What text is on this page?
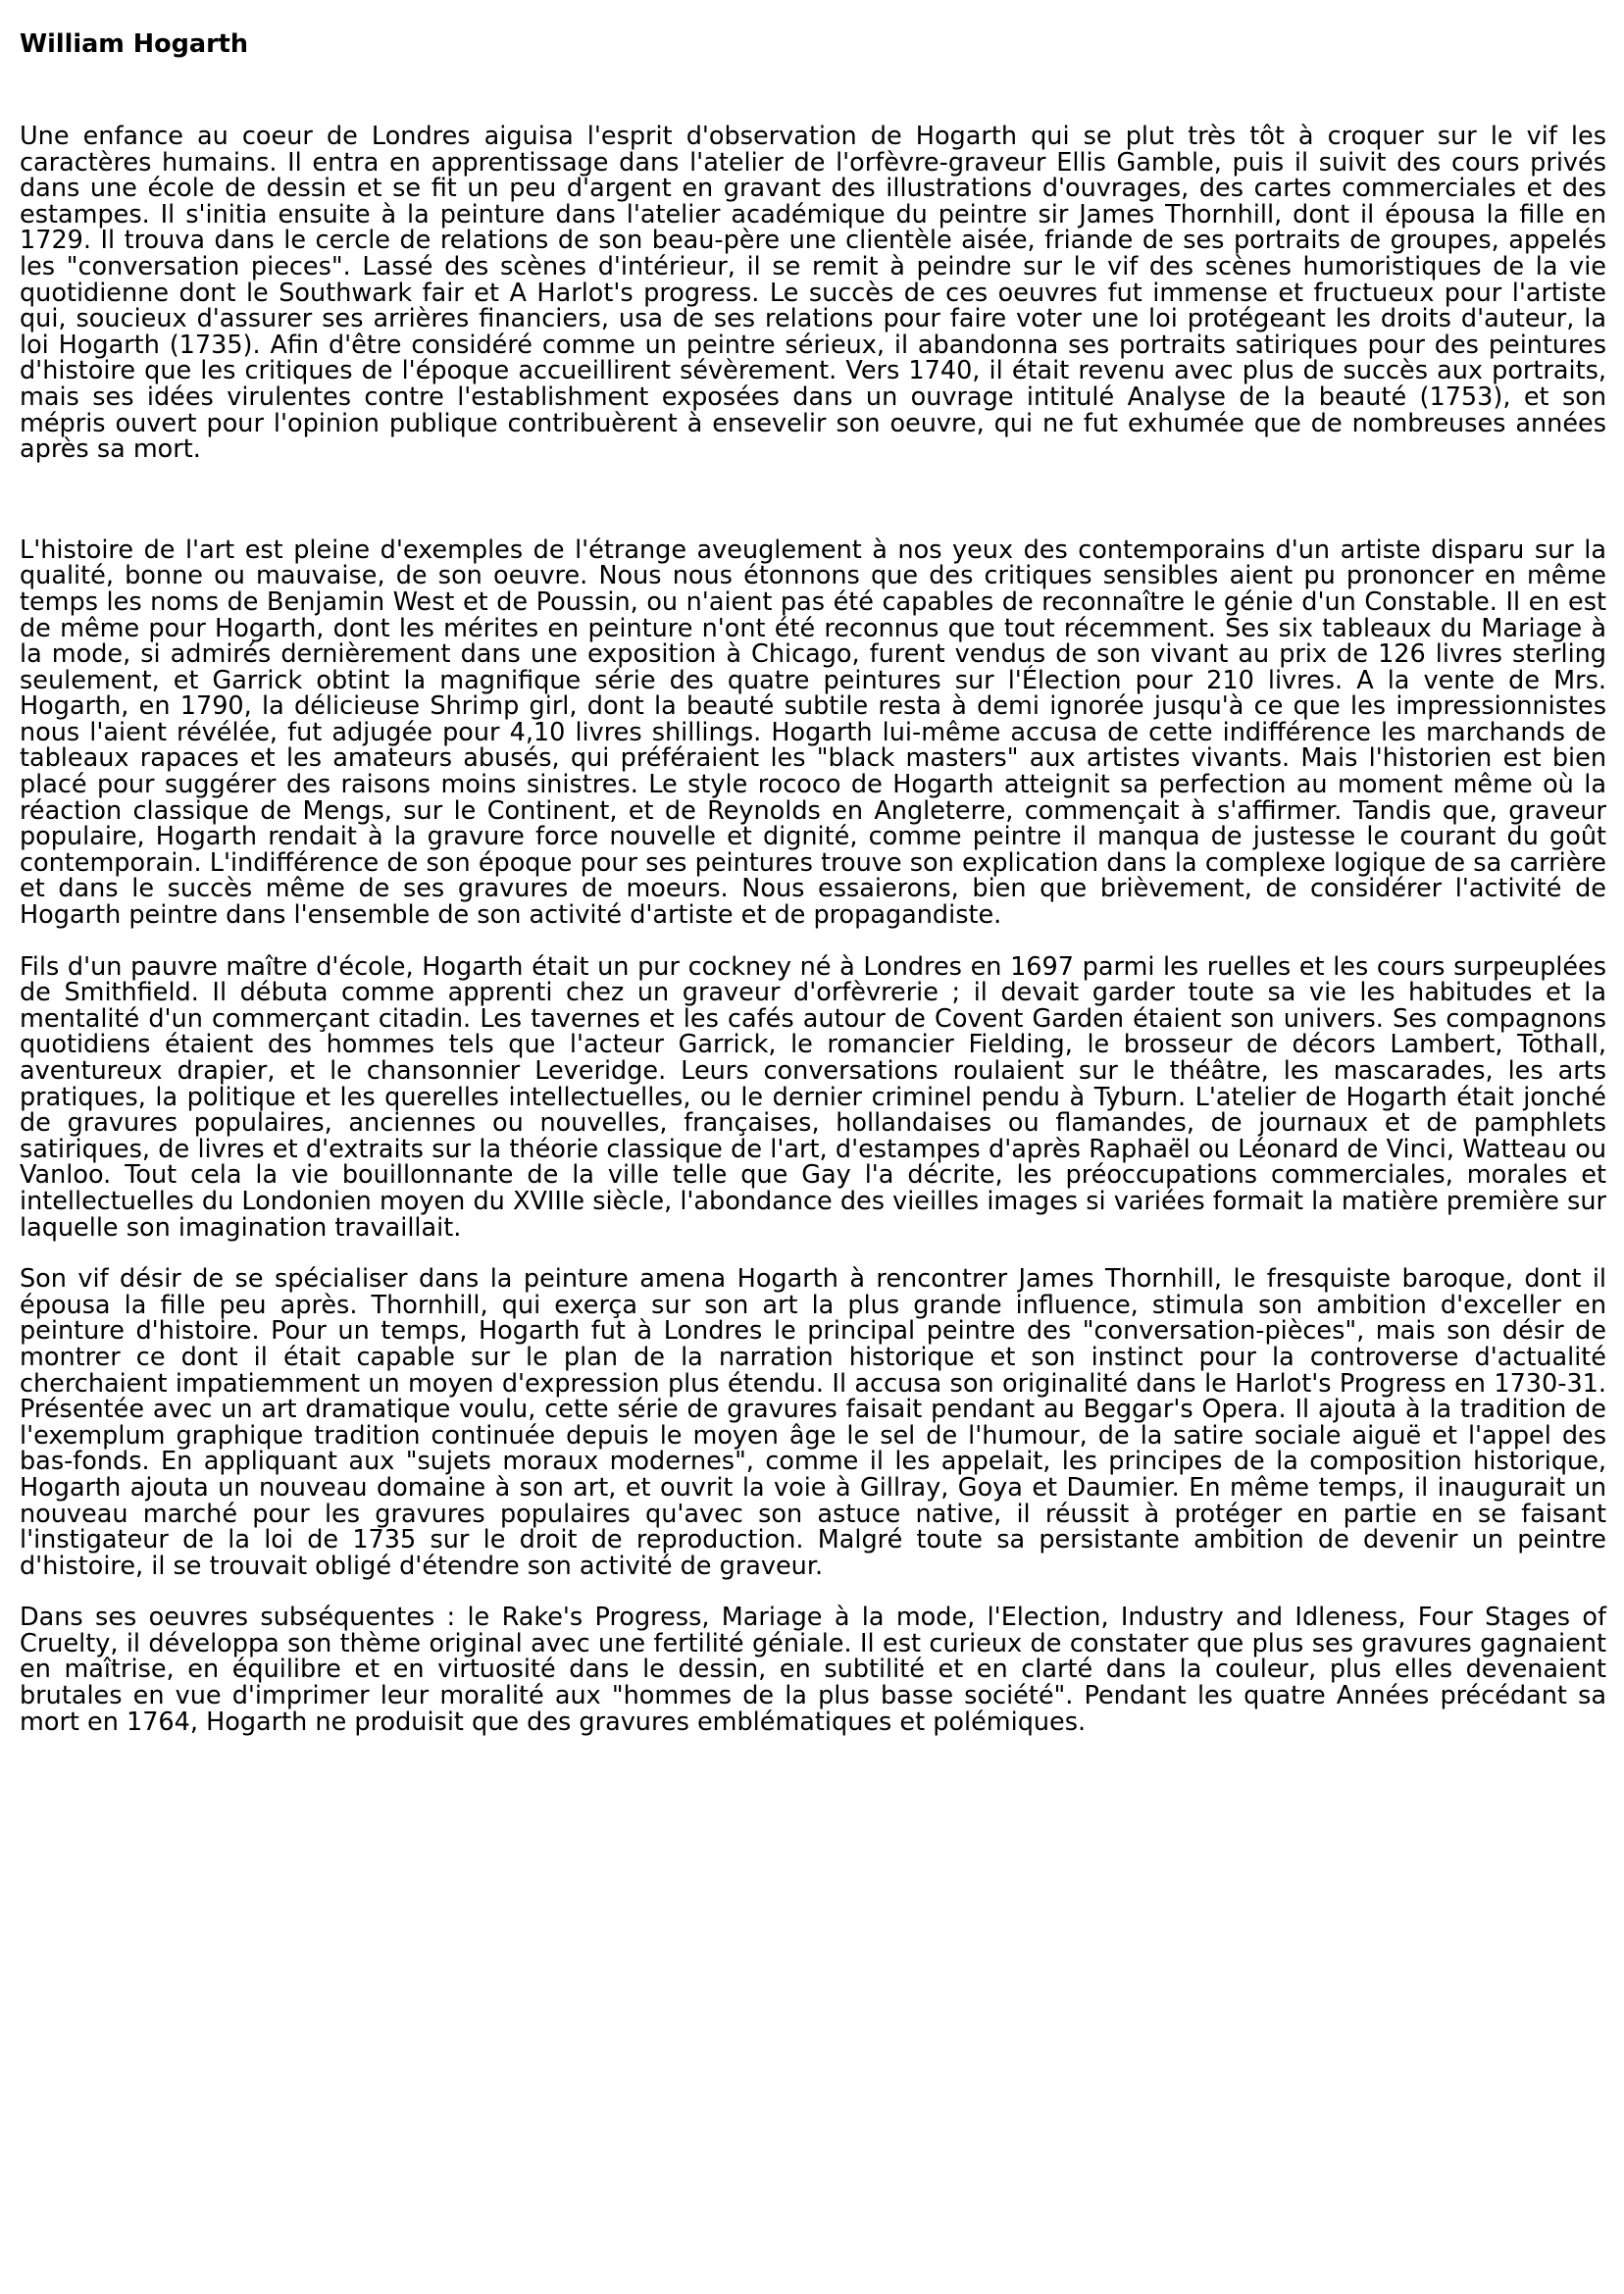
William Hogarth

Une enfance au coeur de Londres aiguisa l'esprit d'observation de Hogarth qui se plut très tôt à croquer sur le vif les caractères humains. Il entra en apprentissage dans l'atelier de l'orfèvre-graveur Ellis Gamble, puis il suivit des cours privés dans une école de dessin et se fit un peu d'argent en gravant des illustrations d'ouvrages, des cartes commerciales et des estampes. Il s'initia ensuite à la peinture dans l'atelier académique du peintre sir James Thornhill, dont il épousa la fille en 1729. Il trouva dans le cercle de relations de son beau-père une clientèle aisée, friande de ses portraits de groupes, appelés les "conversation pieces". Lassé des scènes d'intérieur, il se remit à peindre sur le vif des scènes humoristiques de la vie quotidienne dont le Southwark fair et A Harlot's progress. Le succès de ces oeuvres fut immense et fructueux pour l'artiste qui, soucieux d'assurer ses arrières financiers, usa de ses relations pour faire voter une loi protégeant les droits d'auteur, la loi Hogarth (1735). Afin d'être considéré comme un peintre sérieux, il abandonna ses portraits satiriques pour des peintures d'histoire que les critiques de l'époque accueillirent sévèrement. Vers 1740, il était revenu avec plus de succès aux portraits, mais ses idées virulentes contre l'establishment exposées dans un ouvrage intitulé Analyse de la beauté (1753), et son mépris ouvert pour l'opinion publique contribuèrent à ensevelir son oeuvre, qui ne fut exhumée que de nombreuses années après sa mort.

L'histoire de l'art est pleine d'exemples de l'étrange aveuglement à nos yeux des contemporains d'un artiste disparu sur la qualité, bonne ou mauvaise, de son oeuvre. Nous nous étonnons que des critiques sensibles aient pu prononcer en même temps les noms de Benjamin West et de Poussin, ou n'aient pas été capables de reconnaître le génie d'un Constable. Il en est de même pour Hogarth, dont les mérites en peinture n'ont été reconnus que tout récemment. Ses six tableaux du Mariage à la mode, si admirés dernièrement dans une exposition à Chicago, furent vendus de son vivant au prix de 126 livres sterling seulement, et Garrick obtint la magnifique série des quatre peintures sur l'Élection pour 210 livres. A la vente de Mrs. Hogarth, en 1790, la délicieuse Shrimp girl, dont la beauté subtile resta à demi ignorée jusqu'à ce que les impressionnistes nous l'aient révélée, fut adjugée pour 4,10 livres shillings. Hogarth lui-même accusa de cette indifférence les marchands de tableaux rapaces et les amateurs abusés, qui préféraient les "black masters" aux artistes vivants. Mais l'historien est bien placé pour suggérer des raisons moins sinistres. Le style rococo de Hogarth atteignit sa perfection au moment même où la réaction classique de Mengs, sur le Continent, et de Reynolds en Angleterre, commençait à s'affirmer. Tandis que, graveur populaire, Hogarth rendait à la gravure force nouvelle et dignité, comme peintre il manqua de justesse le courant du goût contemporain. L'indifférence de son époque pour ses peintures trouve son explication dans la complexe logique de sa carrière et dans le succès même de ses gravures de moeurs. Nous essaierons, bien que brièvement, de considérer l'activité de Hogarth peintre dans l'ensemble de son activité d'artiste et de propagandiste.

Fils d'un pauvre maître d'école, Hogarth était un pur cockney né à Londres en 1697 parmi les ruelles et les cours surpeuplées de Smithfield. Il débuta comme apprenti chez un graveur d'orfèvrerie ; il devait garder toute sa vie les habitudes et la mentalité d'un commerçant citadin. Les tavernes et les cafés autour de Covent Garden étaient son univers. Ses compagnons quotidiens étaient des hommes tels que l'acteur Garrick, le romancier Fielding, le brosseur de décors Lambert, Tothall, aventureux drapier, et le chansonnier Leveridge. Leurs conversations roulaient sur le théâtre, les mascarades, les arts pratiques, la politique et les querelles intellectuelles, ou le dernier criminel pendu à Tyburn. L'atelier de Hogarth était jonché de gravures populaires, anciennes ou nouvelles, françaises, hollandaises ou flamandes, de journaux et de pamphlets satiriques, de livres et d'extraits sur la théorie classique de l'art, d'estampes d'après Raphaël ou Léonard de Vinci, Watteau ou Vanloo. Tout cela la vie bouillonnante de la ville telle que Gay l'a décrite, les préoccupations commerciales, morales et intellectuelles du Londonien moyen du XVIIIe siècle, l'abondance des vieilles images si variées formait la matière première sur laquelle son imagination travaillait.

Son vif désir de se spécialiser dans la peinture amena Hogarth à rencontrer James Thornhill, le fresquiste baroque, dont il épousa la fille peu après. Thornhill, qui exerça sur son art la plus grande influence, stimula son ambition d'exceller en peinture d'histoire. Pour un temps, Hogarth fut à Londres le principal peintre des "conversation-pièces", mais son désir de montrer ce dont il était capable sur le plan de la narration historique et son instinct pour la controverse d'actualité cherchaient impatiemment un moyen d'expression plus étendu. Il accusa son originalité dans le Harlot's Progress en 1730-31. Présentée avec un art dramatique voulu, cette série de gravures faisait pendant au Beggar's Opera. Il ajouta à la tradition de l'exemplum graphique tradition continuée depuis le moyen âge le sel de l'humour, de la satire sociale aiguë et l'appel des bas-fonds. En appliquant aux "sujets moraux modernes", comme il les appelait, les principes de la composition historique, Hogarth ajouta un nouveau domaine à son art, et ouvrit la voie à Gillray, Goya et Daumier. En même temps, il inaugurait un nouveau marché pour les gravures populaires qu'avec son astuce native, il réussit à protéger en partie en se faisant l'instigateur de la loi de 1735 sur le droit de reproduction. Malgré toute sa persistante ambition de devenir un peintre d'histoire, il se trouvait obligé d'étendre son activité de graveur.

Dans ses oeuvres subséquentes : le Rake's Progress, Mariage à la mode, l'Election, Industry and Idleness, Four Stages of Cruelty, il développa son thème original avec une fertilité géniale. Il est curieux de constater que plus ses gravures gagnaient en maîtrise, en équilibre et en virtuosité dans le dessin, en subtilité et en clarté dans la couleur, plus elles devenaient brutales en vue d'imprimer leur moralité aux "hommes de la plus basse société". Pendant les quatre Années précédant sa mort en 1764, Hogarth ne produisit que des gravures emblématiques et polémiques.
